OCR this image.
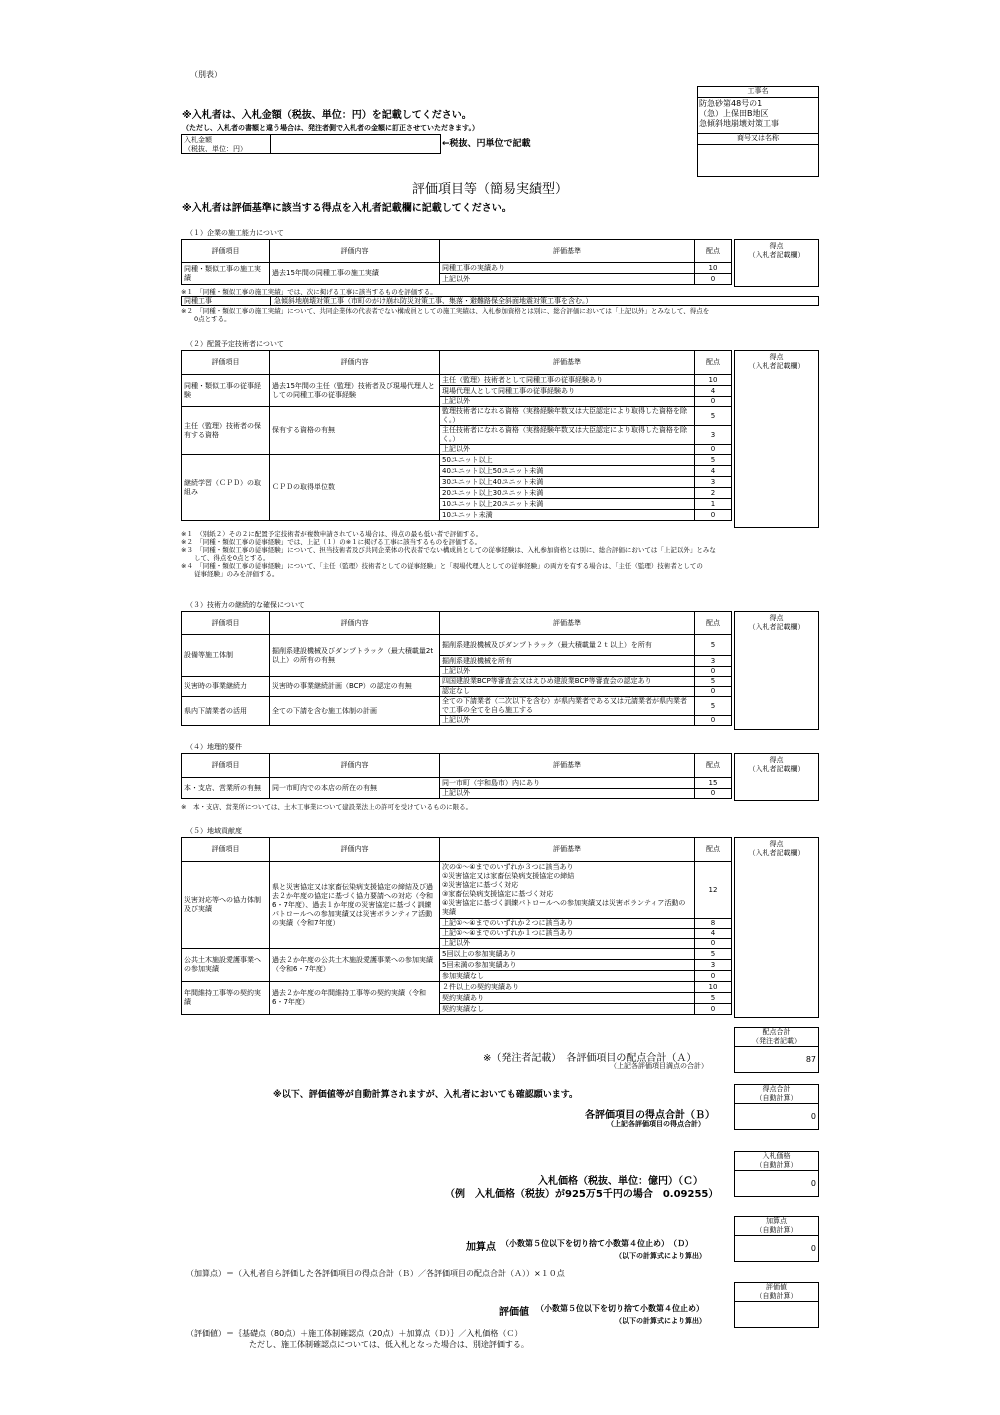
（別表）
※入札者は、入札金額（税抜、単位：円）を記載してください。
（ただし、入札者の書額と違う場合は、発注者側で入札者の金額に訂正させていただきます。）
入札金額
（税抜、単位：円）	←税抜、円単位で記載
工事名
防急砂第48号の1
（急）上保田B地区
急傾斜地崩壊対策工事
商号又は名称
評価項目等（簡易実績型）
※入札者は評価基準に該当する得点を入札者記載欄に記載してください。
（１）企業の施工能力について
評価項目	評価内容	評価基準	配点
同種・類似工事の施工実績	過去15年間の同種工事の施工実績	同種工事の実績あり	10
		上記以外	0
得点
（入札者記載欄）
※１　「同種・類似工事の施工実績」では、次に掲げる工事に該当するものを評価する。
同種工事	急傾斜地崩壊対策工事（市町のがけ崩れ防災対策工事、集落・避難路保全斜面地震対策工事を含む。）
※２　「同種・類似工事の施工実績」について、共同企業体の代表者でない構成員としての施工実績は、入札参加資格とは別に、総合評価においては「上記以外」とみなして、得点を
　　0点とする。
（２）配置予定技術者について
評価項目	評価内容	評価基準	配点
同種・類似工事の従事経験	過去15年間の主任（監理）技術者及び現場代理人としての同種工事の従事経験	主任（監理）技術者として同種工事の従事経験あり	10
		現場代理人として同種工事の従事経験あり	4
		上記以外	0
主任（監理）技術者の保有する資格	保有する資格の有無	監理技術者になれる資格（実務経験年数又は大臣認定により取得した資格を除く。）	5
		主任技術者になれる資格（実務経験年数又は大臣認定により取得した資格を除く。）	3
		上記以外	0
継続学習（ＣＰＤ）の取組み	ＣＰＤの取得単位数	50ユニット以上	5
		40ユニット以上50ユニット未満	4
		30ユニット以上40ユニット未満	3
		20ユニット以上30ユニット未満	2
		10ユニット以上20ユニット未満	1
		10ユニット未満	0
得点
（入札者記載欄）
※１　（別紙２）その２に配置予定技術者が複数申請されている場合は、得点の最も低い者で評価する。
※２　「同種・類似工事の従事経験」では、上記（１）の※１に掲げる工事に該当するものを評価する。
※３　「同種・類似工事の従事経験」について、担当技術者及び共同企業体の代表者でない構成員としての従事経験は、入札参加資格とは別に、総合評価においては「上記以外」とみな
　　して、得点を0点とする。
※４　「同種・類似工事の従事経験」について、「主任（監理）技術者としての従事経験」と「現場代理人としての従事経験」の両方を有する場合は、「主任（監理）技術者としての
　　従事経験」のみを評価する。
（３）技術力の継続的な確保について
評価項目	評価内容	評価基準	配点
設備等施工体制	掘削系建設機械及びダンプトラック（最大積載量2t以上）の所有の有無	掘削系建設機械及びダンプトラック（最大積載量２ｔ以上）を所有	5
		掘削系建設機械を所有	3
		上記以外	0
災害時の事業継続力	災害時の事業継続計画（BCP）の認定の有無	四国建設業BCP等審査会又はえひめ建設業BCP等審査会の認定あり	5
		認定なし	0
県内下請業者の活用	全ての下請を含む施工体制の計画	全ての下請業者（二次以下を含む）が県内業者である又は元請業者が県内業者で工事の全てを自ら施工する	5
		上記以外	0
得点
（入札者記載欄）
（４）地理的要件
評価項目	評価内容	評価基準	配点
本・支店、営業所の有無	同一市町内での本店の所在の有無	同一市町（宇和島市）内にあり	15
		上記以外	0
得点
（入札者記載欄）
※　本・支店、営業所については、土木工事業について建設業法上の許可を受けているものに限る。
（５）地域貢献度
評価項目	評価内容	評価基準	配点
災害対応等への協力体制及び実績	県と災害協定又は家畜伝染病支援協定の締結及び過去２か年度の協定に基づく協力要請への対応（令和6・7年度）、過去１か年度の災害協定に基づく訓練パトロールへの参加実績又は災害ボランティア活動の実績（令和7年度）	次の①～④までのいずれか３つに該当あり
①災害協定又は家畜伝染病支援協定の締結
②災害協定に基づく対応
③家畜伝染病支援協定に基づく対応
④災害協定に基づく訓練パトロールへの参加実績又は災害ボランティア活動の実績	12
		上記①～④までのいずれか２つに該当あり	8
		上記①～④までのいずれか１つに該当あり	4
		上記以外	0
公共土木施設愛護事業への参加実績	過去２か年度の公共土木施設愛護事業への参加実績（令和6・7年度）	5回以上の参加実績あり	5
		5回未満の参加実績あり	3
		参加実績なし	0
年間維持工事等の契約実績	過去２か年度の年間維持工事等の契約実績（令和6・7年度）	２件以上の契約実績あり	10
		契約実績あり	5
		契約実績なし	0
得点
（入札者記載欄）
※（発注者記載）　各評価項目の配点合計（Ａ）
（上記各評価項目満点の合計）
配点合計
（発注者記載）
87
※以下、評価値等が自動計算されますが、入札者においても確認願います。
各評価項目の得点合計（Ｂ）
（上記各評価項目の得点合計）
得点合計
（自動計算）
0
入札価格（税抜、単位：億円）（Ｃ）
（例　入札価格（税抜）が925万5千円の場合　0.09255）
入札価格
（自動計算）
0
加算点 （小数第５位以下を切り捨て小数第４位止め）　（Ｄ）
（以下の計算式により算出）
加算点
（自動計算）
0
（加算点）＝（入札者自ら評価した各評価項目の得点合計（Ｂ）／各評価項目の配点合計（Ａ））×１０点
評価値 （小数第５位以下を切り捨て小数第４位止め）
（以下の計算式により算出）
評価値
（自動計算）
（評価値）＝｛基礎点（80点）＋施工体制確認点（20点）＋加算点（Ｄ）｝／入札価格（Ｃ）
ただし、施工体制確認点については、低入札となった場合は、別途評価する。
